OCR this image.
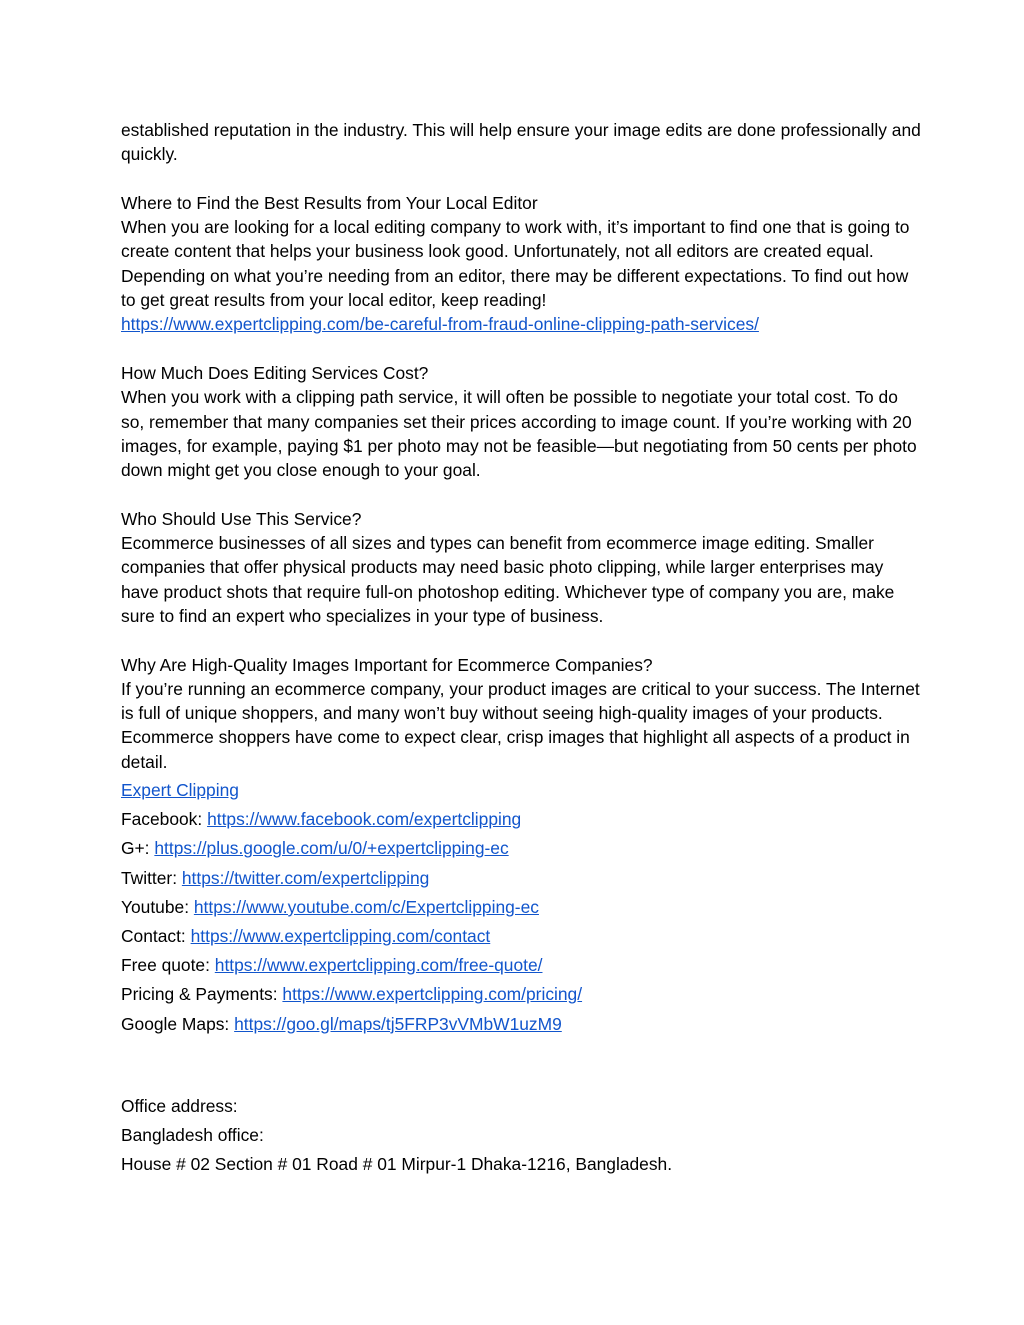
established reputation in the industry. This will help ensure your image edits are done professionally and quickly.

Where to Find the Best Results from Your Local Editor

When you are looking for a local editing company to work with, it’s important to find one that is going to create content that helps your business look good. Unfortunately, not all editors are created equal. Depending on what you’re needing from an editor, there may be different expectations. To find out how to get great results from your local editor, keep reading!

https://www.expertclipping.com/be-careful-from-fraud-online-clipping-path-services/

How Much Does Editing Services Cost?

When you work with a clipping path service, it will often be possible to negotiate your total cost. To do so, remember that many companies set their prices according to image count. If you’re working with 20 images, for example, paying $1 per photo may not be feasible—but negotiating from 50 cents per photo down might get you close enough to your goal.

Who Should Use This Service?

Ecommerce businesses of all sizes and types can benefit from ecommerce image editing. Smaller companies that offer physical products may need basic photo clipping, while larger enterprises may have product shots that require full-on photoshop editing. Whichever type of company you are, make sure to find an expert who specializes in your type of business.

Why Are High-Quality Images Important for Ecommerce Companies?

If you’re running an ecommerce company, your product images are critical to your success. The Internet is full of unique shoppers, and many won’t buy without seeing high-quality images of your products. Ecommerce shoppers have come to expect clear, crisp images that highlight all aspects of a product in detail.

Expert Clipping
Facebook: https://www.facebook.com/expertclipping
G+: https://plus.google.com/u/0/+expertclipping-ec
Twitter: https://twitter.com/expertclipping
Youtube: https://www.youtube.com/c/Expertclipping-ec
Contact: https://www.expertclipping.com/contact
Free quote: https://www.expertclipping.com/free-quote/
Pricing & Payments: https://www.expertclipping.com/pricing/
Google Maps: https://goo.gl/maps/tj5FRP3vVMbW1uzM9
Office address:
Bangladesh office:
House # 02 Section # 01 Road # 01 Mirpur-1 Dhaka-1216, Bangladesh.
